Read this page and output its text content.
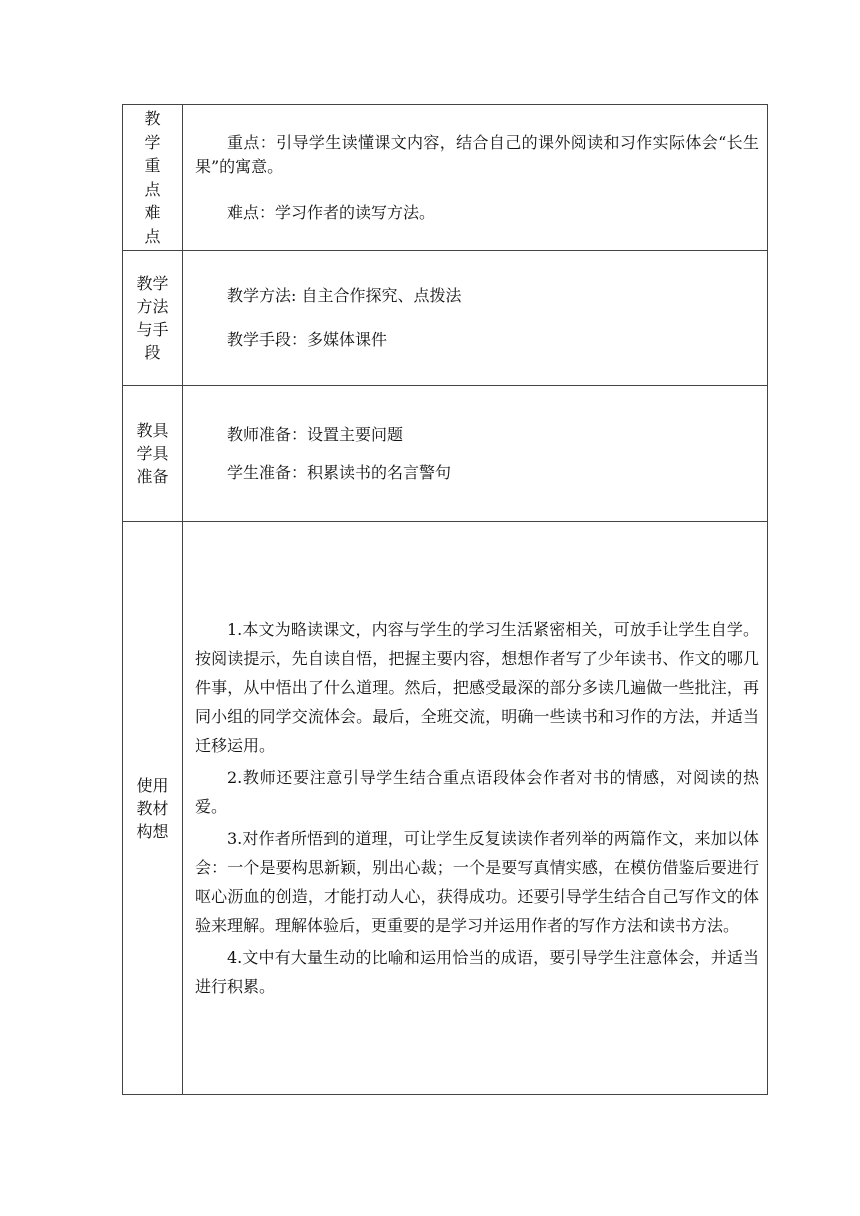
教学重点难点	重点：引导学生读懂课文内容，结合自己的课外阅读和习作实际体会“长生果”的寓意。

难点：学习作者的读写方法。

教学方法与手段	教学方法: 自主合作探究、点拨法

教学手段：多媒体课件

教具学具准备	教师准备：设置主要问题

学生准备：积累读书的名言警句

使用教材构想	1.本文为略读课文，内容与学生的学习生活紧密相关，可放手让学生自学。按阅读提示，先自读自悟，把握主要内容，想想作者写了少年读书、作文的哪几件事，从中悟出了什么道理。然后，把感受最深的部分多读几遍做一些批注，再同小组的同学交流体会。最后，全班交流，明确一些读书和习作的方法，并适当迁移运用。

2.教师还要注意引导学生结合重点语段体会作者对书的情感，对阅读的热爱。

3.对作者所悟到的道理，可让学生反复读读作者列举的两篇作文，来加以体会：一个是要构思新颖，别出心裁；一个是要写真情实感，在模仿借鉴后要进行呕心沥血的创造，才能打动人心，获得成功。还要引导学生结合自己写作文的体验来理解。理解体验后，更重要的是学习并运用作者的写作方法和读书方法。

4.文中有大量生动的比喻和运用恰当的成语，要引导学生注意体会，并适当进行积累。
